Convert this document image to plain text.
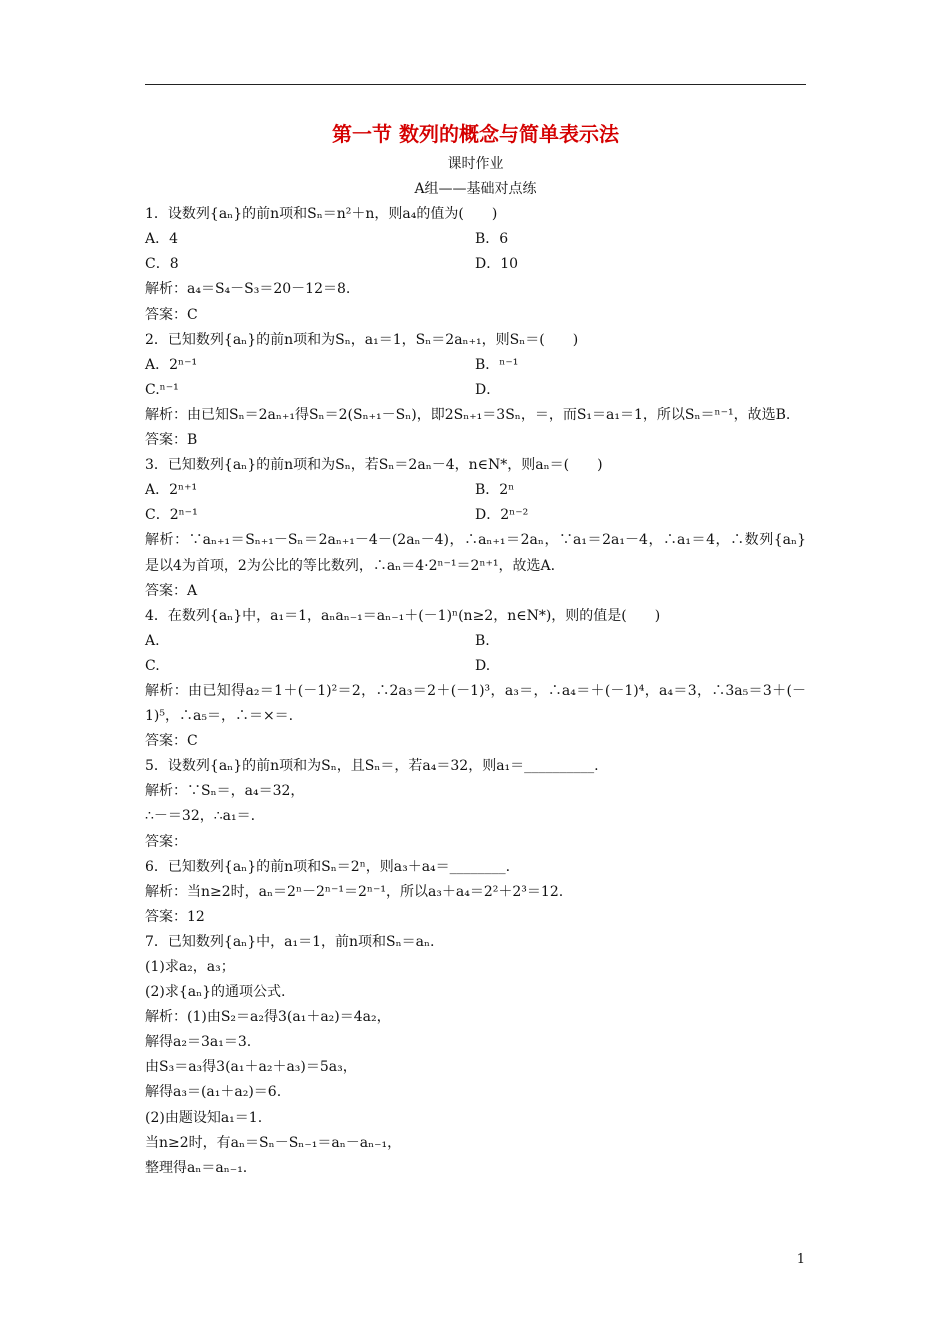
第一节 数列的概念与简单表示法
课时作业
A组——基础对点练
1．设数列{aₙ}的前n项和Sₙ＝n²＋n，则a₄的值为(　　)
A．4	B．6
C．8	D．10
解析：a₄＝S₄－S₃＝20－12＝8.
答案：C
2．已知数列{aₙ}的前n项和为Sₙ，a₁＝1，Sₙ＝2aₙ₊₁，则Sₙ＝(　　)
A．2ⁿ⁻¹	B．ⁿ⁻¹
C.ⁿ⁻¹	D．
解析：由已知Sₙ＝2aₙ₊₁得Sₙ＝2(Sₙ₊₁－Sₙ)，即2Sₙ₊₁＝3Sₙ，＝，而S₁＝a₁＝1，所以Sₙ＝ⁿ⁻¹，故选B.
答案：B
3．已知数列{aₙ}的前n项和为Sₙ，若Sₙ＝2aₙ－4，n∈N*，则aₙ＝(　　)
A．2ⁿ⁺¹	B．2ⁿ
C．2ⁿ⁻¹	D．2ⁿ⁻²
解析：∵aₙ₊₁＝Sₙ₊₁－Sₙ＝2aₙ₊₁－4－(2aₙ－4)，∴aₙ₊₁＝2aₙ，∵a₁＝2a₁－4，∴a₁＝4，∴数列{aₙ}是以4为首项，2为公比的等比数列，∴aₙ＝4·2ⁿ⁻¹＝2ⁿ⁺¹，故选A.
答案：A
4．在数列{aₙ}中，a₁＝1，aₙaₙ₋₁＝aₙ₋₁＋(－1)ⁿ(n≥2，n∈N*)，则的值是(　　)
A.	B.
C.	D.
解析：由已知得a₂＝1＋(－1)²＝2，∴2a₃＝2＋(－1)³，a₃＝，∴a₄＝＋(－1)⁴，a₄＝3，∴3a₅＝3＋(－1)⁵，∴a₅＝，∴＝×＝.
答案：C
5．设数列{aₙ}的前n项和为Sₙ，且Sₙ＝，若a₄＝32，则a₁＝__________.
解析：∵Sₙ＝，a₄＝32，
∴－＝32，∴a₁＝.
答案：
6．已知数列{aₙ}的前n项和Sₙ＝2ⁿ，则a₃＋a₄＝________.
解析：当n≥2时，aₙ＝2ⁿ－2ⁿ⁻¹＝2ⁿ⁻¹，所以a₃＋a₄＝2²＋2³＝12.
答案：12
7．已知数列{aₙ}中，a₁＝1，前n项和Sₙ＝aₙ.
(1)求a₂，a₃；
(2)求{aₙ}的通项公式.
解析：(1)由S₂＝a₂得3(a₁＋a₂)＝4a₂，
解得a₂＝3a₁＝3.
由S₃＝a₃得3(a₁＋a₂＋a₃)＝5a₃，
解得a₃＝(a₁＋a₂)＝6.
(2)由题设知a₁＝1.
当n≥2时，有aₙ＝Sₙ－Sₙ₋₁＝aₙ－aₙ₋₁，
整理得aₙ＝aₙ₋₁.
1
